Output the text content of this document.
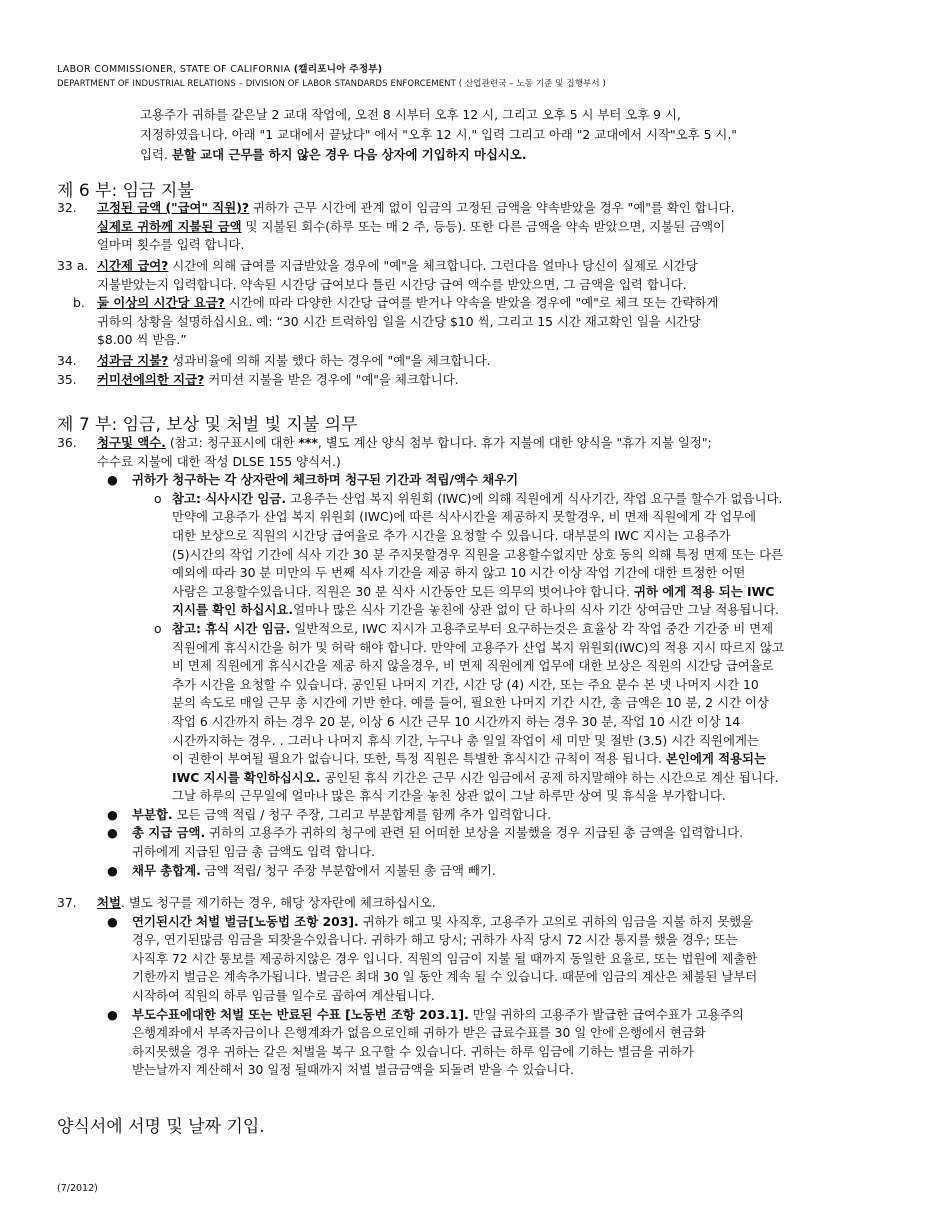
LABOR COMMISSIONER, STATE OF CALIFORNIA (캘리포니아 주정부)
DEPARTMENT OF INDUSTRIAL RELATIONS – DIVISION OF LABOR STANDARDS ENFORCEMENT ( 산업관련국 – 노동 기준 및 집행부서 )

고용주가 귀하를 같은날 2 교대 작업에, 오전 8 시부터 오후 12 시, 그리고 오후 5 시 부터 오후 9 시,

지정하였읍니다. 아래 "1 교대에서 끝났다" 에서 "오후 12 시." 입력 그리고 아래 "2 교대에서 시작"오후 5 시."

입력. 분할 교대 근무를 하지 않은 경우 다음 상자에 기입하지 마십시오.

제 6 부: 임금 지불
32. 고정된 금액 ("급여" 직원)? 귀하가 근무 시간에 관계 없이 임금의 고정된 금액을 약속받았을 경우 "예"를 확인 합니다.

실제로 귀하께 지불된 금액 및 지불된 회수(하루 또는 매 2 주, 등등). 또한 다른 금액을 약속 받았으면, 지불된 금액이

얼마며 횟수를 입력 합니다.

33 a. 시간제 급여? 시간에 의해 급여를 지급받았을 경우에 "예"을 체크합니다. 그런다음 얼마나 당신이 실제로 시간당

지불받았는지 입력합니다. 약속된 시간당 급여보다 틀린 시간당 급여 액수를 받았으면, 그 금액을 입력 합니다.

b. 둘 이상의 시간당 요금? 시간에 따라 다양한 시간당 급여를 받거나 약속을 받았을 경우에 "예"로 체크 또는 간략하게

귀하의 상황을 설명하십시요. 예: “30 시간 트럭하임 일을 시간당 $10 씩, 그리고 15 시간 재고확인 일을 시간당

$8.00 씩 받음.”

34. 성과금 지불? 성과비율에 의해 지불 했다 하는 경우에 "예"을 체크합니다.

35. 커미션에의한 지급? 커미션 지불을 받은 경우에 "예"을 체크합니다.

제 7 부: 임금, 보상 및 처벌 빛 지불 의무
36. 청구및 액수. (참고: 청구표시에 대한 ***, 별도 계산 양식 첨부 합니다. 휴가 지불에 대한 양식을 "휴가 지불 일정";

수수료 지불에 대한 작성 DLSE 155 양식서.)

● 귀하가 청구하는 각 상자란에 체크하며 청구된 기간과 적립/액수 채우기

o 참고: 식사시간 임금. 고용주는 산업 복지 위원회 (IWC)에 의해 직원에게 식사기간, 작업 요구를 할수가 없읍니다.

만약에 고용주가 산업 복지 위원회 (IWC)에 따른 식사시간을 제공하지 못할경우, 비 면제 직원에게 각 업무에

대한 보상으로 직원의 시간당 급여율로 추가 시간을 요청할 수 있읍니다. 대부분의 IWC 지시는 고용주가

(5)시간의 작업 기간에 식사 기간 30 분 주지못할경우 직원을 고용할수없지만 상호 동의 의해 특정 면제 또는 다른

예외에 따라 30 분 미만의 두 번째 식사 기간을 제공 하지 않고 10 시간 이상 작업 기간에 대한 트정한 어떤

사람은 고용할수있읍니다. 직원은 30 분 식사 시간동안 모든 의무의 벗어나야 합니다. 귀하 에게 적용 되는 IWC

지시를 확인 하십시요.얼마나 많은 식사 기간을 놓친에 상관 없이 단 하나의 식사 기간 상여금만 그날 적용됩니다.

o 참고: 휴식 시간 임금. 일반적으로, IWC 지시가 고용주로부터 요구하는것은 효율상 각 작업 중간 기간중 비 면제

직원에게 휴식시간을 허가 및 허락 해야 합니다. 만약에 고용주가 산업 복지 위원회(IWC)의 적용 지시 따르지 않고

비 면제 직원에게 휴식시간을 제공 하지 않을경우, 비 면제 직원에게 업무에 대한 보상은 직원의 시간당 급여율로

추가 시간을 요청할 수 있습니다. 공인된 나머지 기간, 시간 당 (4) 시간, 또는 주요 분수 본 넷 나머지 시간 10

분의 속도로 매일 근무 총 시간에 기반 한다. 예를 들어, 필요한 나머지 기간 시간, 총 금액은 10 분, 2 시간 이상

작업 6 시간까지 하는 경우 20 분, 이상 6 시간 근무 10 시간까지 하는 경우 30 분, 작업 10 시간 이상 14

시간까지하는 경우. . 그러나 나머지 휴식 기간, 누구나 총 일일 작업이 세 미만 및 절반 (3.5) 시간 직원에게는

이 권한이 부여될 필요가 없습니다. 또한, 특정 직원은 특별한 휴식시간 규칙이 적용 됩니다. 본인에게 적용되는

IWC 지시를 확인하십시오. 공인된 휴식 기간은 근무 시간 임금에서 공제 하지말해야 하는 시간으로 계산 됩니다.

그날 하루의 근무일에 얼마나 많은 휴식 기간을 놓친 상관 없이 그날 하루만 상여 및 휴식을 부가합니다.

● 부분합. 모든 금액 적립 / 청구 주장, 그리고 부분합계를 함께 추가 입력합니다.

● 총 지급 금액. 귀하의 고용주가 귀하의 청구에 관련 된 어떠한 보상을 지불했을 경우 지급된 총 금액을 입력합니다.

귀하에게 지급된 임금 총 금액도 입력 합니다.

● 채무 총합계. 금액 적립/ 청구 주장 부분합에서 지불된 총 금액 빼기.

37. 처벌. 별도 청구를 제기하는 경우, 해당 상자란에 체크하십시오.

● 연기된시간 처벌 벌금[노동법 조항 203]. 귀하가 해고 및 사직후, 고용주가 고의로 귀하의 임금을 지불 하지 못했을

경우, 연기된많큼 임금을 되찾을수있읍니다. 귀하가 해고 당시; 귀하가 사직 당시 72 시간 통지를 했을 경우; 또는

사직후 72 시간 통보를 제공하지않은 경우 입니다. 직원의 임금이 지불 될 때까지 동일한 요율로, 또는 법원에 제출한

기한까지 벌금은 계속추가됩니다. 벌금은 최대 30 일 동안 계속 될 수 있습니다. 때문에 임금의 계산은 체불된 날부터

시작하여 직원의 하루 임금률 일수로 곱하여 계산됩니다.

● 부도수표에대한 처벌 또는 반료된 수표 [노동번 조항 203.1]. 만일 귀하의 고용주가 발급한 급여수표가 고용주의

은행계좌에서 부족자금이나 은행계좌가 없음으로인해 귀하가 받은 급료수표를 30 일 안에 은행에서 현금화

하지못했을 경우 귀하는 같은 처벌을 복구 요구할 수 있습니다. 귀하는 하루 임금에 기하는 벌금을 귀하가

받는날까지 계산해서 30 일정 될때까지 처벌 벌금금액을 되돌려 받을 수 있습니다.

양식서에 서명 및 날짜 기입.
(7/2012)
